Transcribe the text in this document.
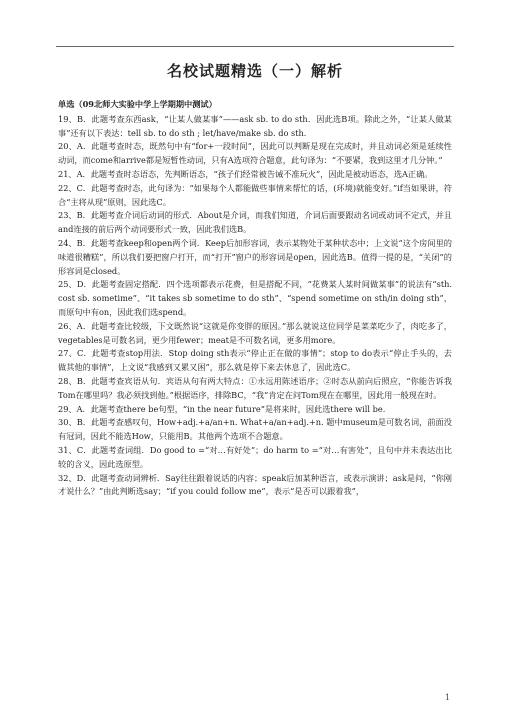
名校试题精选（一）解析
单选（09北师大实验中学上学期期中测试）

19、B．此题考查东西ask，“让某人做某事”——ask sb. to do sth．因此选B项。除此之外，“让某人做某事”还有以下表达：tell sb. to do sth ; let/have/make sb. do sth.

20、A．此题考查时态，既然句中有“for+一段时间”，因此可以判断是现在完成时，并且动词必须是延续性动词，而come和arrive都是短暂性动词，只有A选项符合题意，此句译为：“不要紧，我到这里才几分钟。”

21、A．此题考查时态语态，先判断语态，“孩子们经常被告诫不准玩火”，因此是被动语态，选A正确。

22、C．此题考查时态，此句译为：“如果每个人都能做些事情来帮忙的话，(环境)就能变好。”if当如果讲，符合“主将从现”原则，因此选C。

23、B．此题考查介词后动词的形式．About是介词，而我们知道，介词后面要跟动名词或动词不定式，并且and连接的前后两个动词要形式一致，因此我们选B。

24、B．此题考查keep和open两个词．Keep后加形容词，表示某物处于某种状态中；上文说“这个房间里的味道很糟糕”，所以我们要把窗户打开，而“打开”窗户的形容词是open，因此选B。值得一提的是，“关闭”的形容词是closed。

25、D．此题考查固定搭配．四个选项都表示花费，但是搭配不同，“花费某人某时间做某事”的说法有“sth. cost sb. sometime”、“it takes sb sometime to do sth”、“spend sometime on sth/in doing sth”，而原句中有on，因此我们选spend。

26、A．此题考查比较级，下文既然说“这就是你变胖的原因。”那么就说这位同学是菜菜吃少了，肉吃多了，vegetables是可数名词，更少用fewer；meat是不可数名词，更多用more。

27、C．此题考查stop用法．Stop doing sth表示“停止正在做的事情”；stop to do表示“停止手头的，去做其他的事情”，上文说“我感到又累又困”，那么就是停下来去休息了，因此选C。

28、B．此题考查宾语从句．宾语从句有两大特点：①永远用陈述语序；②时态从前向后照应，“你能告诉我Tom在哪里吗？我必须找到他。”根据语序，排除BC，“我”肯定在问Tom现在在哪里，因此用一般现在时。

29、A．此题考查there be句型，“in the near future”是将来时，因此选there will be.

30、B．此题考查感叹句，How+adj.+a/an+n. What+a/an+adj.+n. 题中museum是可数名词，前面没有冠词，因此不能选How，只能用B。其他两个选项不合题意。

31、C．此题考查词组．Do good to =“对…有好处”；do harm to =“对…有害处”，且句中并未表达出比较的含义，因此选原型。

32、D．此题考查动词辨析．Say往往跟着说话的内容；speak后加某种语言，或表示演讲；ask是问，“你刚才说什么？”由此判断选say；“if you could follow me”，表示“是否可以跟着我”，

1
